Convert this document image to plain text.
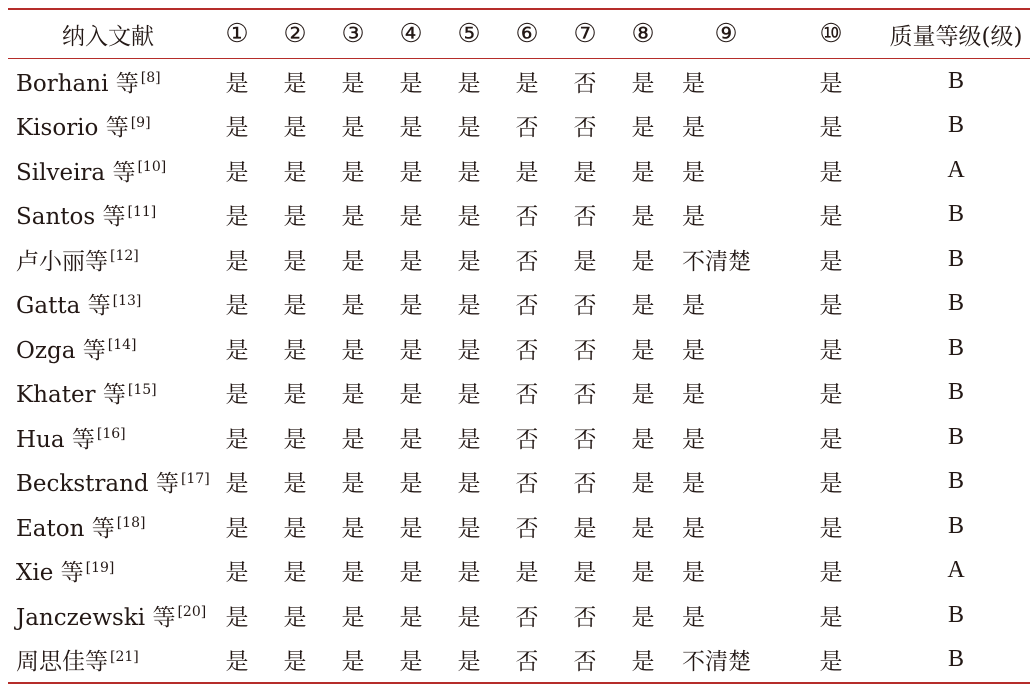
纳入文献	①	②	③	④	⑤	⑥	⑦	⑧	⑨	⑩	质量等级(级)
Borhani 等 [8]	是	是	是	是	是	是	否	是	是	是	B
Kisorio 等 [9]	是	是	是	是	是	否	否	是	是	是	B
Silveira 等 [10]	是	是	是	是	是	是	是	是	是	是	A
Santos 等 [11]	是	是	是	是	是	否	否	是	是	是	B
卢小丽等 [12]	是	是	是	是	是	否	是	是	不清楚	是	B
Gatta 等 [13]	是	是	是	是	是	否	否	是	是	是	B
Ozga 等 [14]	是	是	是	是	是	否	否	是	是	是	B
Khater 等 [15]	是	是	是	是	是	否	否	是	是	是	B
Hua 等 [16]	是	是	是	是	是	否	否	是	是	是	B
Beckstrand 等 [17]	是	是	是	是	是	否	否	是	是	是	B
Eaton 等 [18]	是	是	是	是	是	否	是	是	是	是	B
Xie 等 [19]	是	是	是	是	是	是	是	是	是	是	A
Janczewski 等 [20]	是	是	是	是	是	否	否	是	是	是	B
周思佳等 [21]	是	是	是	是	是	否	否	是	不清楚	是	B
